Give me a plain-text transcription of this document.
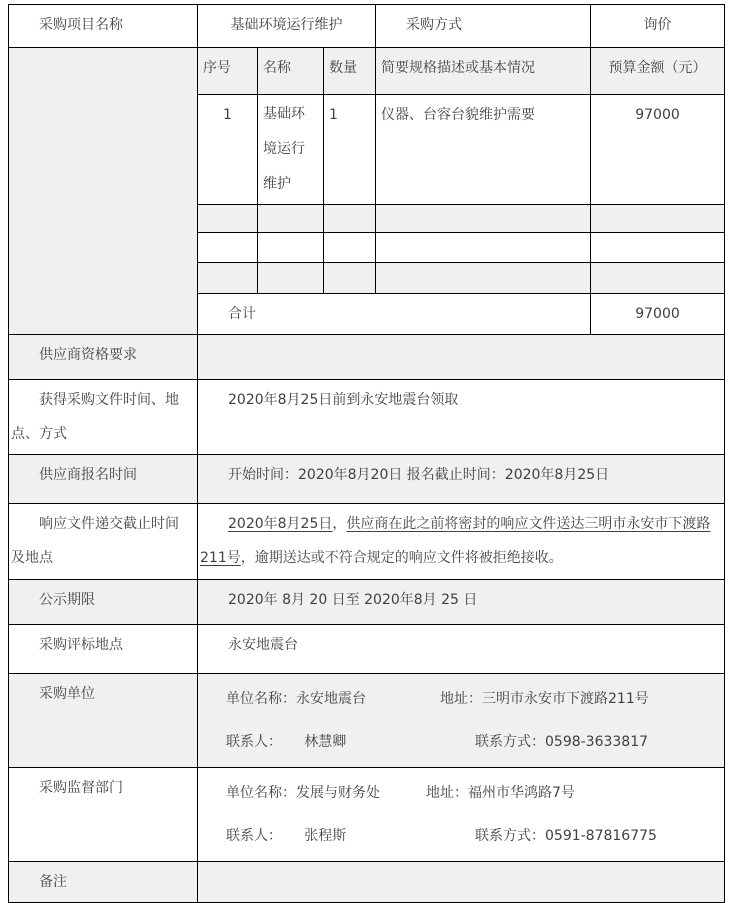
采购项目名称	基础环境运行维护			采购方式	询价
	序号	名称	数量	简要规格描述或基本情况	预算金额（元）
	1	基础环境运行维护	1	仪器、台容台貌维护需要	97000

	合计				97000
供应商资格要求					
获得采购文件时间、地点、方式	2020年8月25日前到永安地震台领取				
供应商报名时间	开始时间：2020年8月20日 报名截止时间：2020年8月25日				
响应文件递交截止时间及地点	2020年8月25日，供应商在此之前将密封的响应文件送达三明市永安市下渡路211号，逾期送达或不符合规定的响应文件将被拒绝接收。				
公示期限	2020年 8月 20 日至 2020年8月 25 日				
采购评标地点	永安地震台				
采购单位	单位名称：永安地震台 地址：三明市永安市下渡路211号
联系人：     林慧卿 联系方式：0598-3633817				

采购监督部门	单位名称：发展与财务处 地址：福州市华鸿路7号
联系人：     张程斯 联系方式：0591-87816775				

备注					
